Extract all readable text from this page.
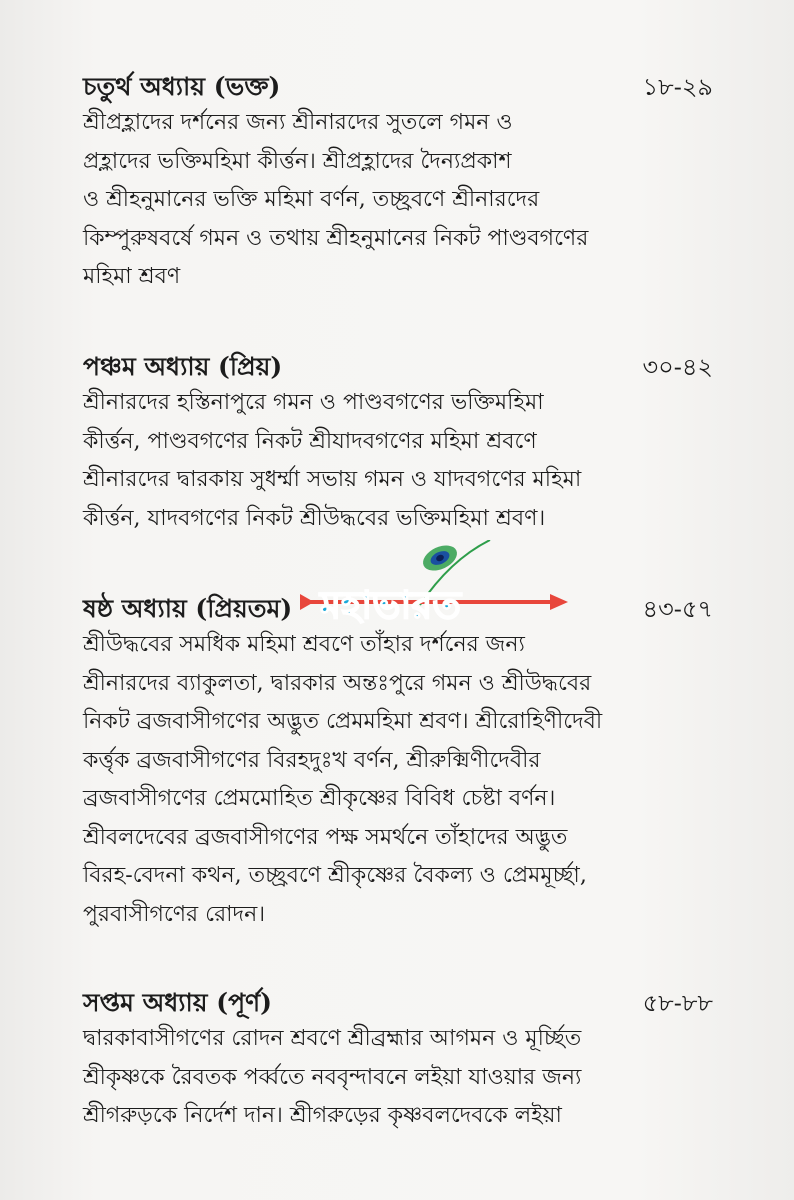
চতুর্থ অধ্যায় (ভক্ত)	১৮-২৯
শ্রীপ্রহ্লাদের দর্শনের জন্য শ্রীনারদের সুতলে গমন ও
প্রহ্লাদের ভক্তিমহিমা কীর্ত্তন। শ্রীপ্রহ্লাদের দৈন্যপ্রকাশ
ও শ্রীহনুমানের ভক্তি মহিমা বর্ণন, তচ্ছ্রবণে শ্রীনারদের
কিম্পুরুষবর্ষে গমন ও তথায় শ্রীহনুমানের নিকট পাণ্ডবগণের
মহিমা শ্রবণ
পঞ্চম অধ্যায় (প্রিয়)	৩০-৪২
শ্রীনারদের হস্তিনাপুরে গমন ও পাণ্ডবগণের ভক্তিমহিমা
কীর্ত্তন, পাণ্ডবগণের নিকট শ্রীযাদবগণের মহিমা শ্রবণে
শ্রীনারদের দ্বারকায় সুধর্ম্মা সভায় গমন ও যাদবগণের মহিমা
কীর্ত্তন, যাদবগণের নিকট শ্রীউদ্ধবের ভক্তিমহিমা শ্রবণ।
ষষ্ঠ অধ্যায় (প্রিয়তম)	৪৩-৫৭
শ্রীউদ্ধবের সমধিক মহিমা শ্রবণে তাঁহার দর্শনের জন্য
শ্রীনারদের ব্যাকুলতা, দ্বারকার অন্তঃপুরে গমন ও শ্রীউদ্ধবের
নিকট ব্রজবাসীগণের অদ্ভুত প্রেমমহিমা শ্রবণ। শ্রীরোহিণীদেবী
কর্ত্তৃক ব্রজবাসীগণের বিরহদুঃখ বর্ণন, শ্রীরুক্মিণীদেবীর
ব্রজবাসীগণের প্রেমমোহিত শ্রীকৃষ্ণের বিবিধ চেষ্টা বর্ণন।
শ্রীবলদেবের ব্রজবাসীগণের পক্ষ সমর্থনে তাঁহাদের অদ্ভুত
বিরহ-বেদনা কথন, তচ্ছ্রবণে শ্রীকৃষ্ণের বৈকল্য ও প্রেমমূর্চ্ছা,
পুরবাসীগণের রোদন।
সপ্তম অধ্যায় (পূর্ণ)	৫৮-৮৮
দ্বারকাবাসীগণের রোদন শ্রবণে শ্রীব্রহ্মার আগমন ও মূর্চ্ছিত
শ্রীকৃষ্ণকে রৈবতক পর্ব্বতে নববৃন্দাবনে লইয়া যাওয়ার জন্য
শ্রীগরুড়কে নির্দেশ দান। শ্রীগরুড়ের কৃষ্ণবলদেবকে লইয়া
মহাভারত
